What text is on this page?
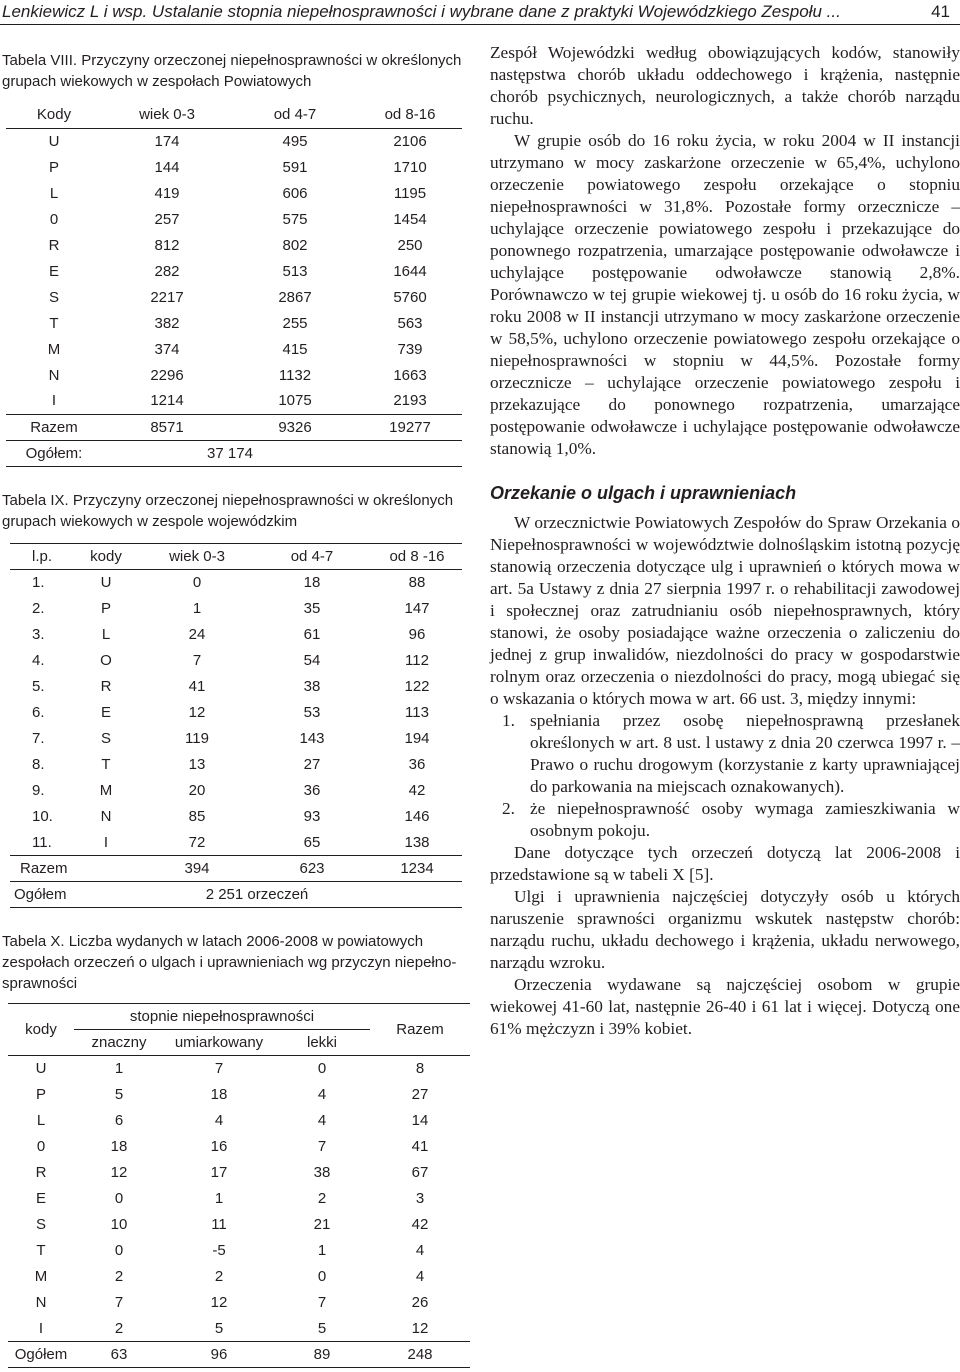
Lenkiewicz L i wsp. Ustalanie stopnia niepełnosprawności i wybrane dane z praktyki Wojewódzkiego Zespołu ...	41
Tabela VIII. Przyczyny orzeczonej niepełnosprawności w określonych grupach wiekowych w zespołach Powiatowych
Kody	wiek 0-3	od 4-7	od 8-16
U	174	495	2106
P	144	591	1710
L	419	606	1195
0	257	575	1454
R	812	802	250
E	282	513	1644
S	2217	2867	5760
T	382	255	563
M	374	415	739
N	2296	1132	1663
I	1214	1075	2193
Razem	8571	9326	19277
Ogółem:	37 174		
Tabela IX. Przyczyny orzeczonej niepełnosprawności w określonych grupach wiekowych w zespole wojewódzkim
l.p.	kody	wiek 0-3	od 4-7	od 8 -16
1.	U	0	18	88
2.	P	1	35	147
3.	L	24	61	96
4.	O	7	54	112
5.	R	41	38	122
6.	E	12	53	113
7.	S	119	143	194
8.	T	13	27	36
9.	M	20	36	42
10.	N	85	93	146
11.	I	72	65	138
Razem		394	623	1234
Ogółem		2 251 orzeczeń		
Tabela X. Liczba wydanych w latach 2006-2008 w powiatowych zespołach orzeczeń o ulgach i uprawnieniach wg przyczyn niepełno-sprawności
kody	stopnie niepełnosprawności			Razem
	znaczny	umiarkowany	lekki	
U	1	7	0	8
P	5	18	4	27
L	6	4	4	14
0	18	16	7	41
R	12	17	38	67
E	0	1	2	3
S	10	11	21	42
T	0	-5	1	4
M	2	2	0	4
N	7	12	7	26
I	2	5	5	12
Ogółem	63	96	89	248

Zespół Wojewódzki według obowiązujących kodów, stanowiły następstwa chorób układu oddechowego i krążenia, następnie chorób psychicznych, neurologicznych, a także chorób narządu ruchu.

W grupie osób do 16 roku życia, w roku 2004 w II instancji utrzymano w mocy zaskarżone orzeczenie w 65,4%, uchylono orzeczenie powiatowego zespołu orzekające o stopniu niepełnosprawności w 31,8%. Pozostałe formy orzecznicze – uchylające orzeczenie powiatowego zespołu i przekazujące do ponownego rozpatrzenia, umarzające postępowanie odwoławcze i uchylające postępowanie odwoławcze stanowią 2,8%. Porównawczo w tej grupie wiekowej tj. u osób do 16 roku życia, w roku 2008 w II instancji utrzymano w mocy zaskarżone orzeczenie w 58,5%, uchylono orzeczenie powiatowego zespołu orzekające o niepełnosprawności w stopniu w 44,5%. Pozostałe formy orzecznicze – uchylające orzeczenie powiatowego zespołu i przekazujące do ponownego rozpatrzenia, umarzające postępowanie odwoławcze i uchylające postępowanie odwoławcze stanowią 1,0%.

Orzekanie o ulgach i uprawnieniach

W orzecznictwie Powiatowych Zespołów do Spraw Orzekania o Niepełnosprawności w województwie dolnośląskim istotną pozycję stanowią orzeczenia dotyczące ulg i uprawnień o których mowa w art. 5a Ustawy z dnia 27 sierpnia 1997 r. o rehabilitacji zawodowej i społecznej oraz zatrudnianiu osób niepełnosprawnych, który stanowi, że osoby posiadające ważne orzeczenia o zaliczeniu do jednej z grup inwalidów, niezdolności do pracy w gospodarstwie rolnym oraz orzeczenia o niezdolności do pracy, mogą ubiegać się o wskazania o których mowa w art. 66 ust. 3, między innymi:

1. spełniania przez osobę niepełnosprawną przesłanek określonych w art. 8 ust. l ustawy z dnia 20 czerwca 1997 r. – Prawo o ruchu drogowym (korzystanie z karty uprawniającej do parkowania na miejscach oznakowanych).
2. że niepełnosprawność osoby wymaga zamieszkiwania w osobnym pokoju.

Dane dotyczące tych orzeczeń dotyczą lat 2006-2008 i przedstawione są w tabeli X [5].

Ulgi i uprawnienia najczęściej dotyczyły osób u których naruszenie sprawności organizmu wskutek następstw chorób: narządu ruchu, układu dechowego i krążenia, układu nerwowego, narządu wzroku.

Orzeczenia wydawane są najczęściej osobom w grupie wiekowej 41-60 lat, następnie 26-40 i 61 lat i więcej. Dotyczą one 61% mężczyzn i 39% kobiet.
